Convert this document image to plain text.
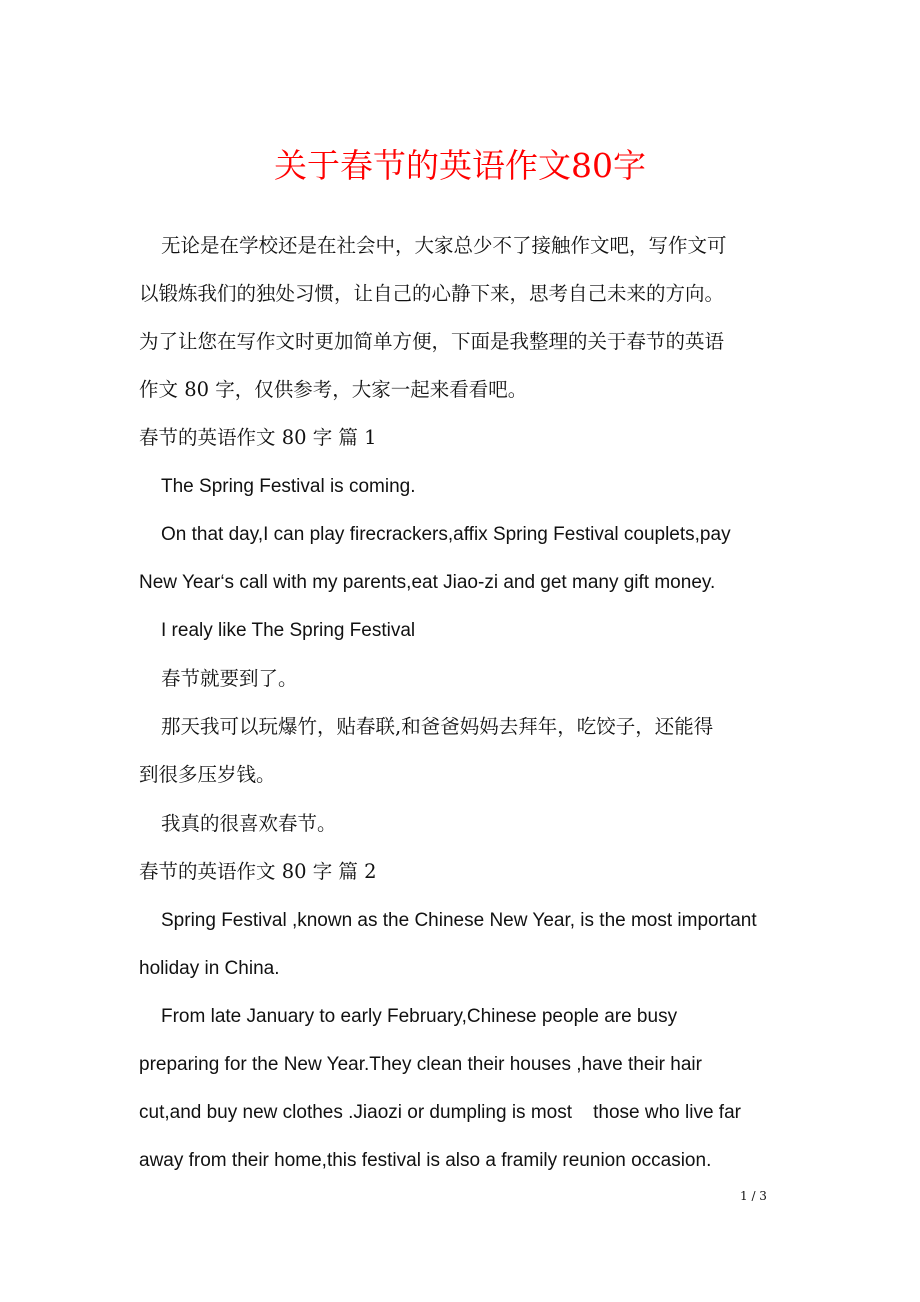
关于春节的英语作文80字

无论是在学校还是在社会中，大家总少不了接触作文吧，写作文可

以锻炼我们的独处习惯，让自己的心静下来，思考自己未来的方向。

为了让您在写作文时更加简单方便，下面是我整理的关于春节的英语

作文 80 字，仅供参考，大家一起来看看吧。

春节的英语作文 80 字 篇 1

The Spring Festival is coming.

On that day,I can play firecrackers,affix Spring Festival couplets,pay

New Year‘s call with my parents,eat Jiao-zi and get many gift money.

I realy like The Spring Festival

春节就要到了。

那天我可以玩爆竹，贴春联,和爸爸妈妈去拜年，吃饺子，还能得

到很多压岁钱。

我真的很喜欢春节。

春节的英语作文 80 字 篇 2

Spring Festival ,known as the Chinese New Year, is the most important

holiday in China.

From late January to early February,Chinese people are busy

preparing for the New Year.They clean their houses ,have their hair

cut,and buy new clothes .Jiaozi or dumpling is most    those who live far

away from their home,this festival is also a framily reunion occasion.

1 / 3
